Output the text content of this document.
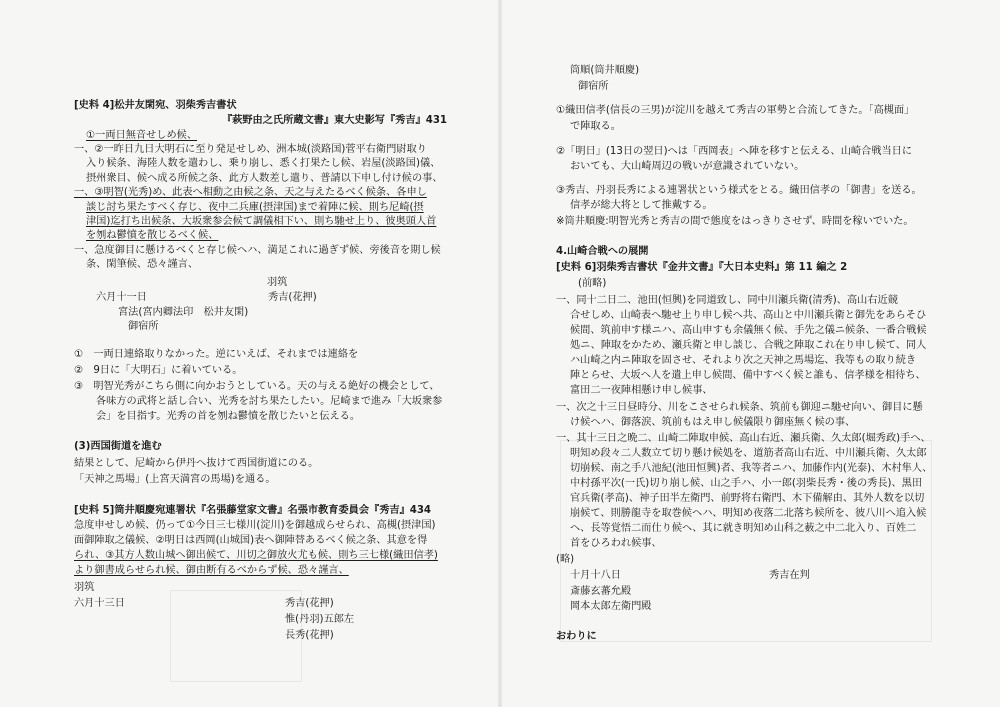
[史料 4]松井友閑宛、羽柴秀吉書状
『萩野由之氏所蔵文書』東大史影写『秀吉』431
①一両日無音せしめ候、
一、②一昨日九日大明石に至り発足せしめ、洲本城(淡路国)菅平右衛門尉取り
入り候条、海陸人数を遣わし、乗り崩し、悉く打果たし候、岩屋(淡路国)儀、
摂州衆目、候へ成る所候之条、此方人数差し遣り、普請以下申し付け候の事、
一、③明智(光秀)め、此表へ相動之由候之条、天之与えたるべく候条、各申し
談じ討ち果たすべく存じ、夜中二兵庫(摂津国)まで着陣に候、則ち尼崎(摂
津国)迄打ち出候条、大坂衆参会候て調儀相下い、則ち馳せ上り、彼奥頭人首
を刎ね鬱憤を散じるべく候、
一、急度御目に懸けるべくと存じ候ヘハ、満足これに過ぎず候、旁後音を期し候
条、閑筆候、恐々謹言、
羽筑
六月十一日	秀吉(花押)
宮法(宮内卿法印　松井友閑)
御宿所
①　一両日連絡取りなかった。逆にいえば、それまでは連絡を
②　9日に「大明石」に着いている。
③　明智光秀がこちら側に向かおうとしている。天の与える絶好の機会として、
各味方の武将と話し合い、光秀を討ち果たしたい。尼崎まで進み「大坂衆参
会」を目指す。光秀の首を刎ね鬱憤を散じたいと伝える。
(3)西国街道を進む
結果として、尼崎から伊丹へ抜けて西国街道にのる。
「天神之馬場」(上宮天満宮の馬場)を通る。
[史料 5]筒井順慶宛連署状『名張藤堂家文書』名張市教育委員会『秀吉』434
急度申せしめ候、仍って①今日三七様川(淀川)を御越成らせられ、高槻(摂津国)
面御陣取之儀候、②明日は西岡(山城国)表へ御陣替あるべく候之条、其意を得
られ、③其方人数山城へ御出候て、川切之御放火尤も候、則ち三七様(織田信孝)
より御書成らせられ候、御由断有るべからず候、恐々謹言、
羽筑
六月十三日	秀吉(花押)
惟(丹羽)五郎左
長秀(花押)
筒順(筒井順慶)
御宿所
①織田信孝(信長の三男)が淀川を越えて秀吉の軍勢と合流してきた。「高槻面」
で陣取る。
②「明日」(13日の翌日)へは「西岡表」へ陣を移すと伝える、山崎合戦当日に
おいても、大山崎周辺の戦いが意識されていない。
③秀吉、丹羽長秀による連署状という様式をとる。織田信孝の「御書」を送る。
信孝が総大将として推戴する。
※筒井順慶:明智光秀と秀吉の間で態度をはっきりさせず、時間を稼いでいた。
4.山崎合戦への展開
[史料 6]羽柴秀吉書状『金井文書』『大日本史料』第 11 編之 2
(前略)
一、同十二日二、池田(恒興)を同道致し、同中川瀬兵衛(清秀)、高山右近競
合せしめ、山崎表へ馳せ上り申し候へ共、高山と中川瀬兵衛と御先をあらそひ
候間、筑前申す様ニハ、高山申すも余儀無く候、手先之儀ニ候条、一番合戦候
処ニ、陣取をかため、瀬兵衛と申し談じ、合戦之陣取これ在り申し候て、同人
ハ山崎之内ニ陣取を固させ、それより次之天神之馬場迄、我等もの取り続き
陣とらせ、大坂へ人を遣上申し候間、備中すべく候と誰も、信孝様を相待ち、
富田二一夜陣相懸け申し候事、
一、次之十三日昼時分、川をこさせられ候条、筑前も御迎ニ馳せ向い、御目に懸
け候ヘハ、御落涙、筑前もはえ申し候儀限り御座無く候の事、
一、其十三日之晩二、山崎二陣取申候、高山右近、瀬兵衛、久太郎(堀秀政)手へ、
明知め段々二人数立て切り懸け候処を、道筋者高山右近、中川瀬兵衛、久太郎
切崩候、南之手八池紀(池田恒興)者、我等者ニハ、加藤作内(光泰)、木村隼人、
中村孫平次(一氏)切り崩し候、山之手ハ、小一郎(羽柴長秀・後の秀長)、黒田
官兵衛(孝高)、神子田半左衛門、前野将右衛門、木下備解由、其外人数を以切
崩候て、則勝龍寺を取巻候ヘハ、明知め夜落二北落ち候所を、彼八川へ追入候
ヘ、長等覚悟二而仕り候ヘ、其に就き明知め山科之薮之中二北入り、百姓二
首をひろわれ候事、
(略)
十月十八日	秀吉在判
斎藤玄蕃允殿
岡本太郎左衛門殿
おわりに
